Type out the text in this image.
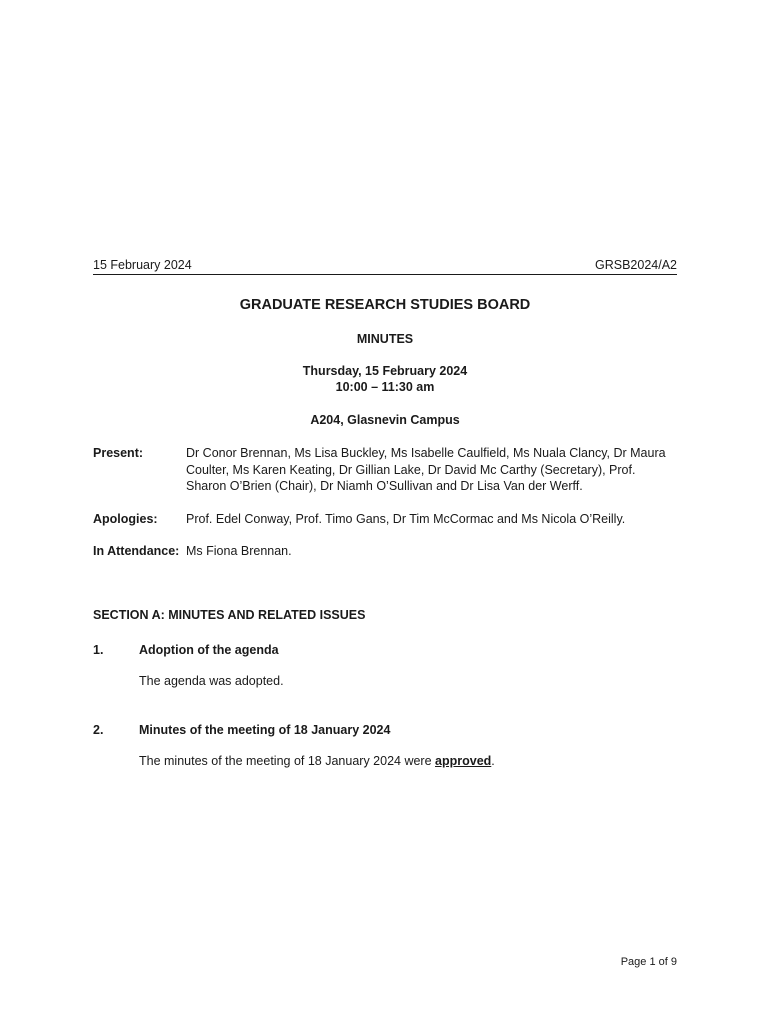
15 February 2024	GRSB2024/A2
GRADUATE RESEARCH STUDIES BOARD
MINUTES
Thursday, 15 February 2024
10:00 – 11:30 am
A204, Glasnevin Campus
Present:	Dr Conor Brennan, Ms Lisa Buckley, Ms Isabelle Caulfield, Ms Nuala Clancy, Dr Maura Coulter, Ms Karen Keating, Dr Gillian Lake, Dr David Mc Carthy (Secretary), Prof. Sharon O’Brien (Chair), Dr Niamh O’Sullivan and Dr Lisa Van der Werff.
Apologies: Prof. Edel Conway, Prof. Timo Gans, Dr Tim McCormac and Ms Nicola O’Reilly.
In Attendance: Ms Fiona Brennan.
SECTION A: MINUTES AND RELATED ISSUES
1.	Adoption of the agenda
The agenda was adopted.
2.	Minutes of the meeting of 18 January 2024
The minutes of the meeting of 18 January 2024 were approved.
Page 1 of 9
